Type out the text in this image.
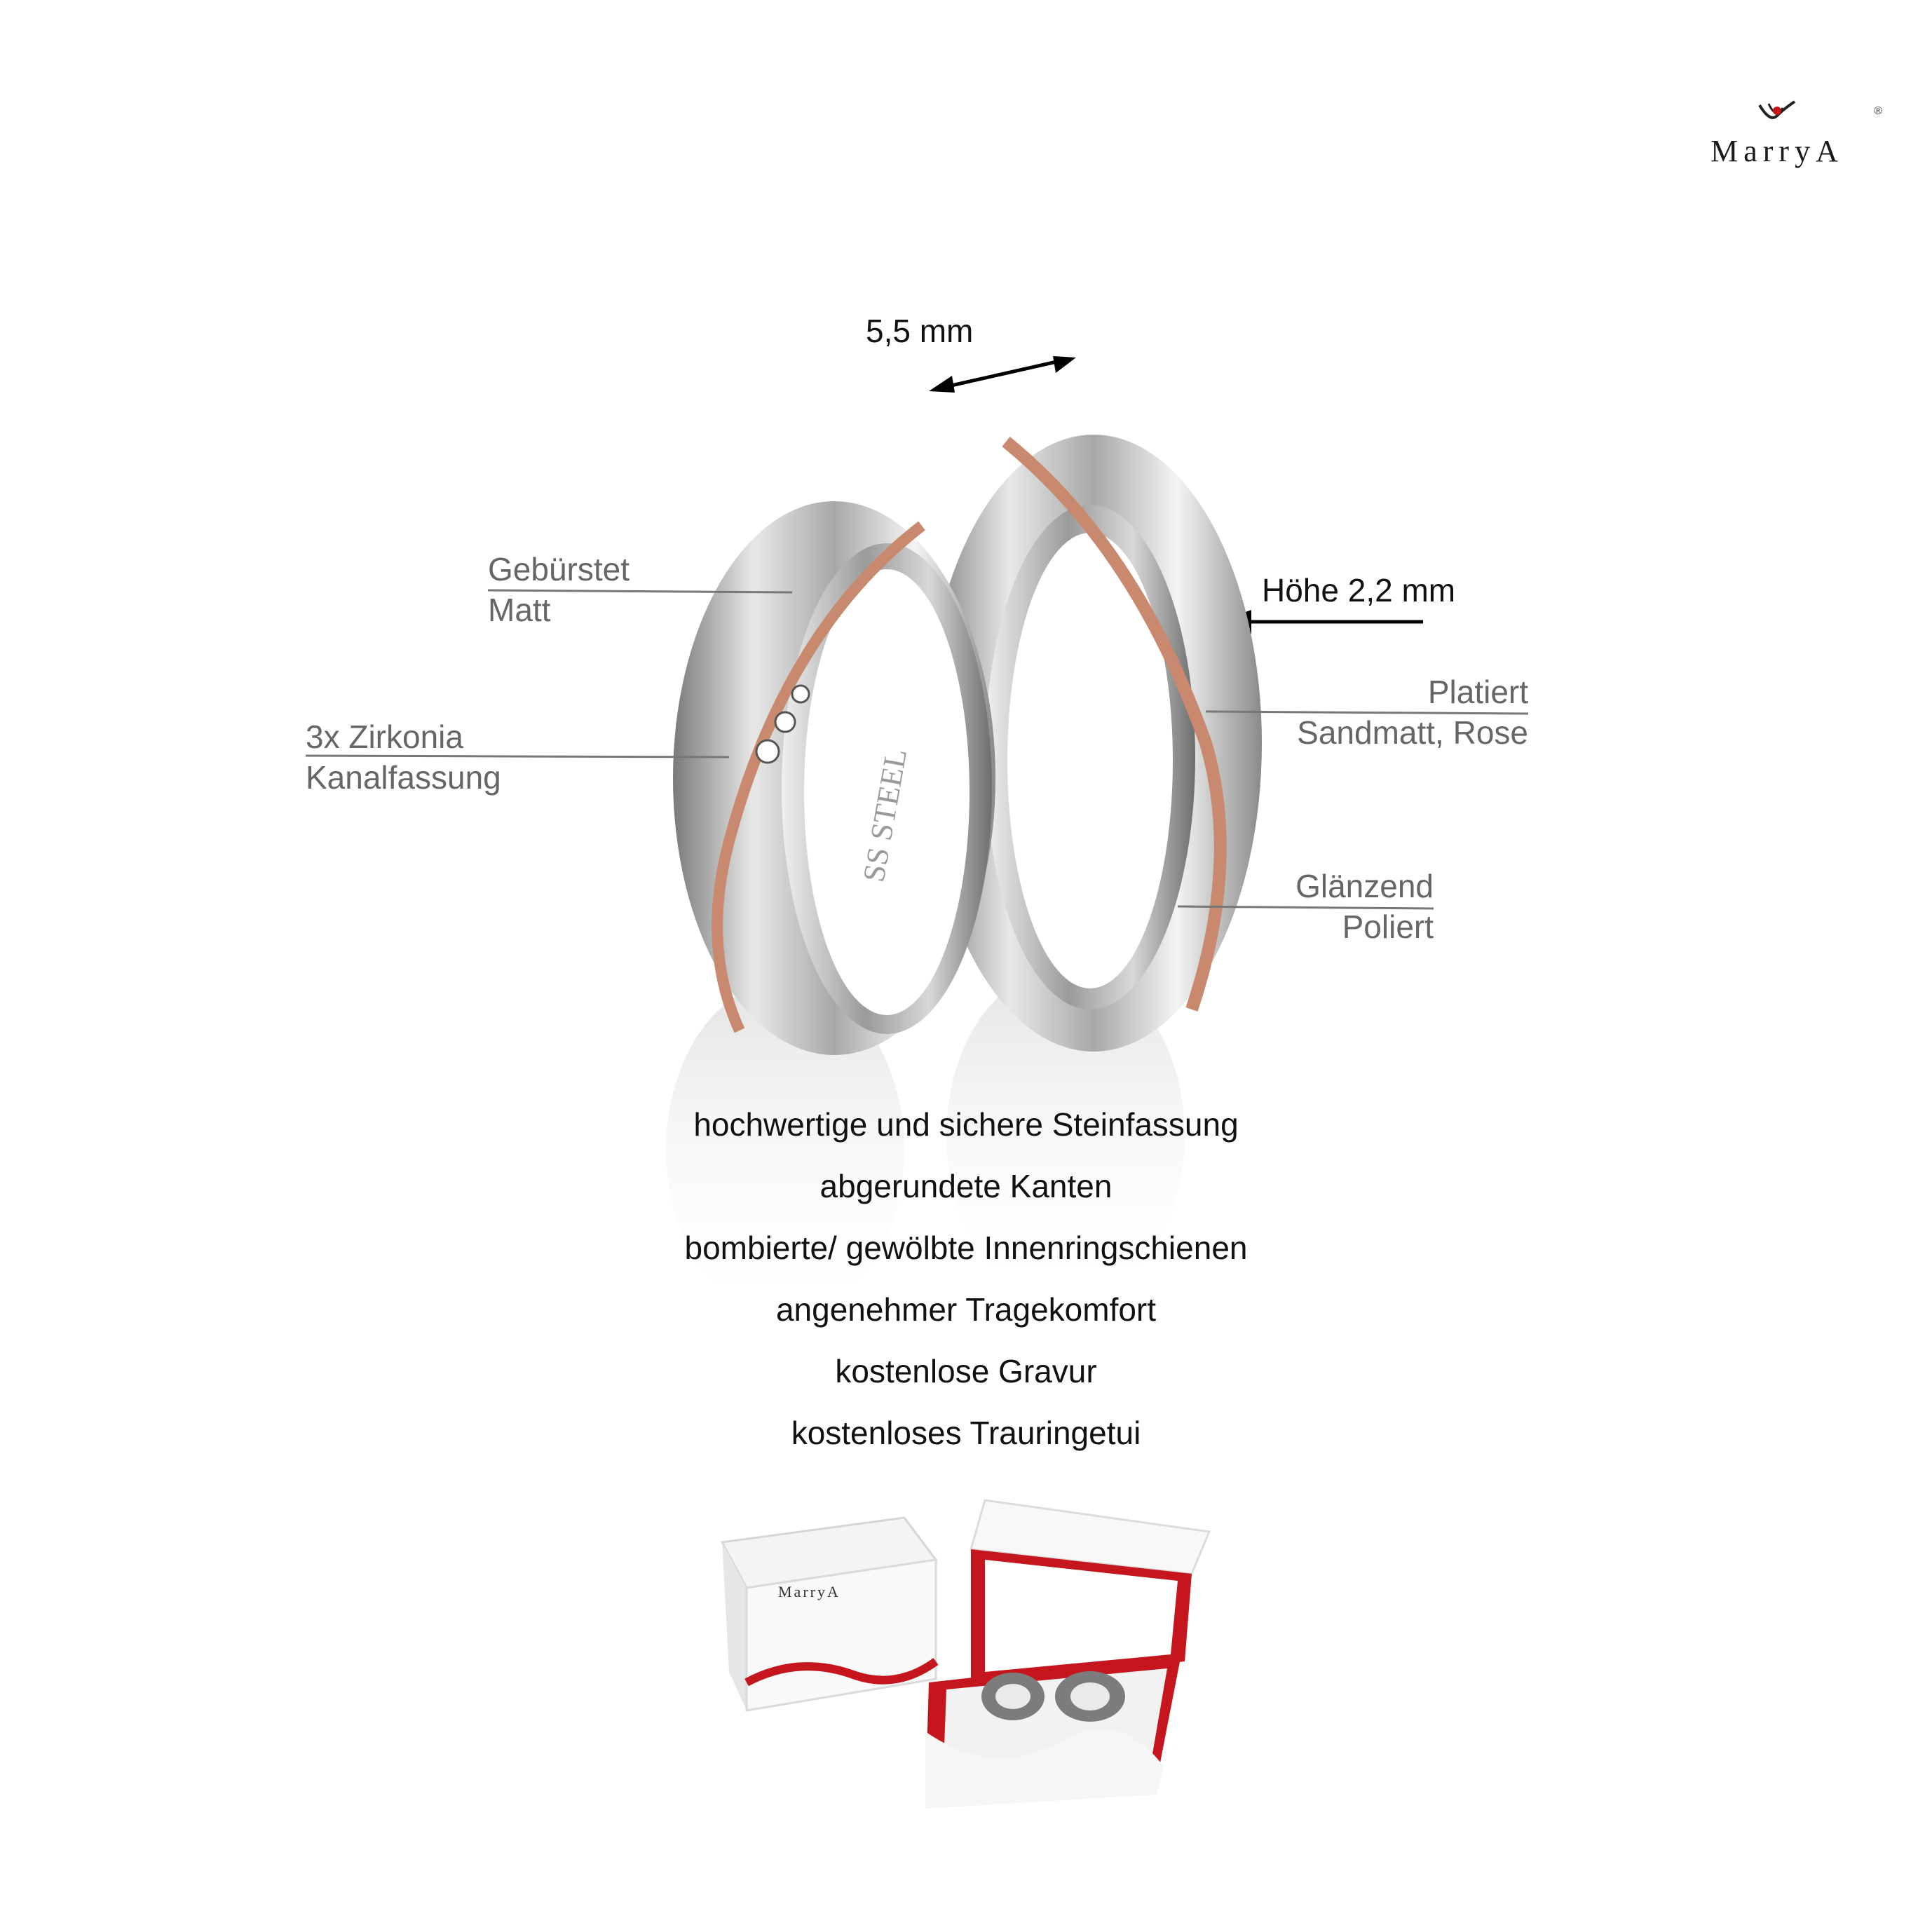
®
MarryA
SS STEEL
MarryA
5,5 mm
Höhe 2,2 mm
Gebürstet
Matt
3x Zirkonia
Kanalfassung
Platiert
Sandmatt, Rose
Glänzend
Poliert
hochwertige und sichere Steinfassung
abgerundete Kanten
bombierte/ gewölbte Innenringschienen
angenehmer Tragekomfort
kostenlose Gravur
kostenloses Trauringetui
